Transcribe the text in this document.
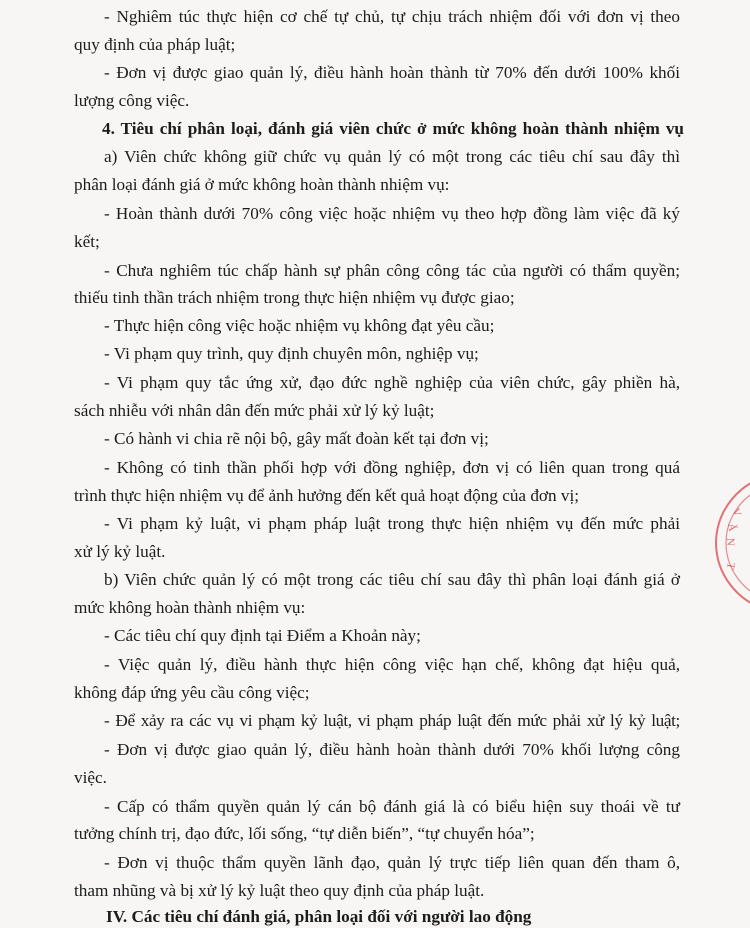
- Nghiêm túc thực hiện cơ chế tự chủ, tự chịu trách nhiệm đối với đơn vị theo

quy định của pháp luật;

- Đơn vị được giao quản lý, điều hành hoàn thành từ 70% đến dưới 100% khối

lượng công việc.

4. Tiêu chí phân loại, đánh giá viên chức ở mức không hoàn thành nhiệm vụ

a) Viên chức không giữ chức vụ quản lý có một trong các tiêu chí sau đây thì

phân loại đánh giá ở mức không hoàn thành nhiệm vụ:

- Hoàn thành dưới 70% công việc hoặc nhiệm vụ theo hợp đồng làm việc đã ký

kết;

- Chưa nghiêm túc chấp hành sự phân công công tác của người có thẩm quyền;

thiếu tinh thần trách nhiệm trong thực hiện nhiệm vụ được giao;

- Thực hiện công việc hoặc nhiệm vụ không đạt yêu cầu;

- Vi phạm quy trình, quy định chuyên môn, nghiệp vụ;

- Vi phạm quy tắc ứng xử, đạo đức nghề nghiệp của viên chức, gây phiền hà,

sách nhiễu với nhân dân đến mức phải xử lý kỷ luật;

- Có hành vi chia rẽ nội bộ, gây mất đoàn kết tại đơn vị;

- Không có tinh thần phối hợp với đồng nghiệp, đơn vị có liên quan trong quá

trình thực hiện nhiệm vụ để ảnh hưởng đến kết quả hoạt động của đơn vị;

- Vi phạm kỷ luật, vi phạm pháp luật trong thực hiện nhiệm vụ đến mức phải

xử lý kỷ luật.

b) Viên chức quản lý có một trong các tiêu chí sau đây thì phân loại đánh giá ở

mức không hoàn thành nhiệm vụ:

- Các tiêu chí quy định tại Điểm a Khoản này;

- Việc quản lý, điều hành thực hiện công việc hạn chế, không đạt hiệu quả,

không đáp ứng yêu cầu công việc;

- Để xảy ra các vụ vi phạm kỷ luật, vi phạm pháp luật đến mức phải xử lý kỷ luật;

- Đơn vị được giao quản lý, điều hành hoàn thành dưới 70% khối lượng công

việc.

- Cấp có thẩm quyền quản lý cán bộ đánh giá là có biểu hiện suy thoái về tư

tưởng chính trị, đạo đức, lối sống, “tự diễn biến”, “tự chuyển hóa”;

- Đơn vị thuộc thẩm quyền lãnh đạo, quản lý trực tiếp liên quan đến tham ô,

tham nhũng và bị xử lý kỷ luật theo quy định của pháp luật.

IV. Các tiêu chí đánh giá, phân loại đối với người lao động

V
Ă
N
T
